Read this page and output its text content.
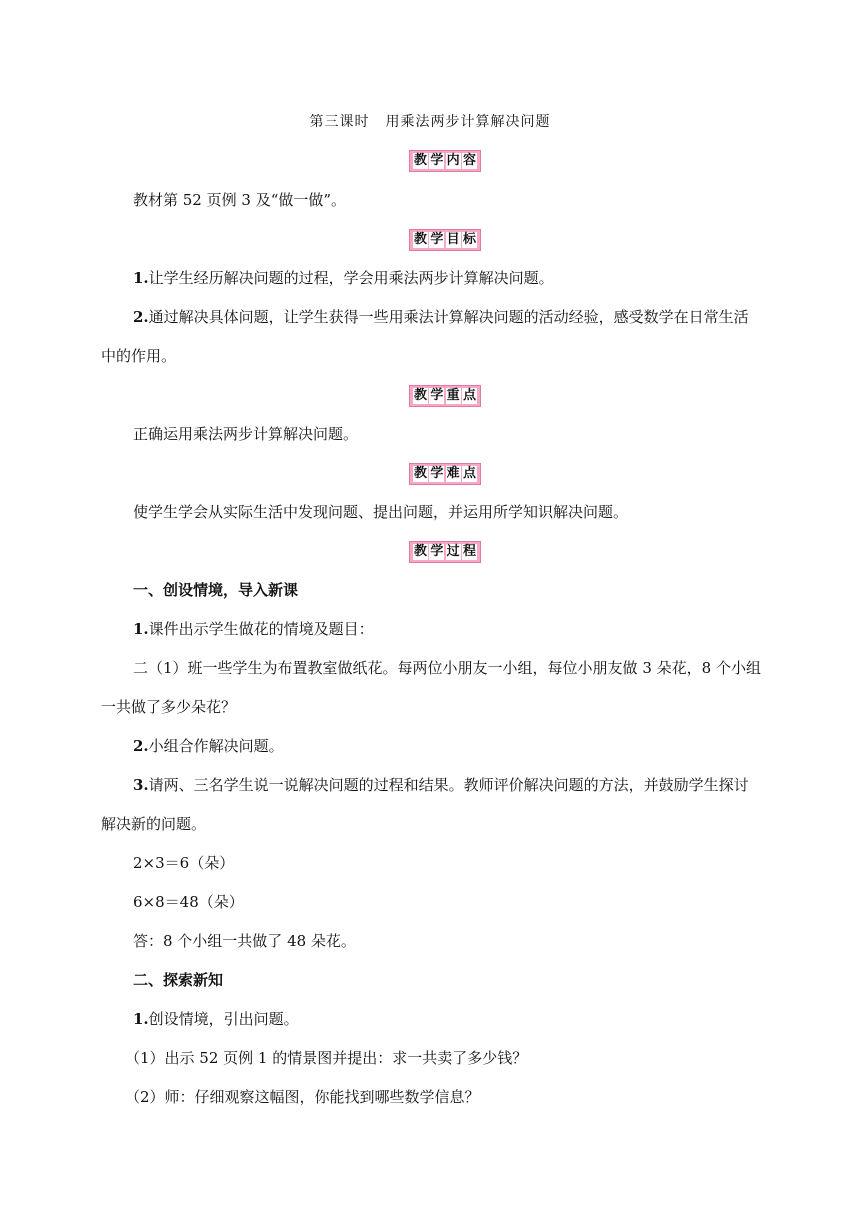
第三课时 用乘法两步计算解决问题
教 学 内 容
教材第 52 页例 3 及“做一做”。
教 学 目 标
1.让学生经历解决问题的过程，学会用乘法两步计算解决问题。
2.通过解决具体问题，让学生获得一些用乘法计算解决问题的活动经验，感受数学在日常生活
中的作用。
教 学 重 点
正确运用乘法两步计算解决问题。
教 学 难 点
使学生学会从实际生活中发现问题、提出问题，并运用所学知识解决问题。
教 学 过 程
一、创设情境，导入新课
1.课件出示学生做花的情境及题目：
二（1）班一些学生为布置教室做纸花。每两位小朋友一小组，每位小朋友做 3 朵花，8 个小组
一共做了多少朵花？
2.小组合作解决问题。
3.请两、三名学生说一说解决问题的过程和结果。教师评价解决问题的方法，并鼓励学生探讨
解决新的问题。
2×3＝6（朵）
6×8＝48（朵）
答：8 个小组一共做了 48 朵花。
二、探索新知
1.创设情境，引出问题。
（1）出示 52 页例 1 的情景图并提出：求一共卖了多少钱？
（2）师：仔细观察这幅图，你能找到哪些数学信息？
